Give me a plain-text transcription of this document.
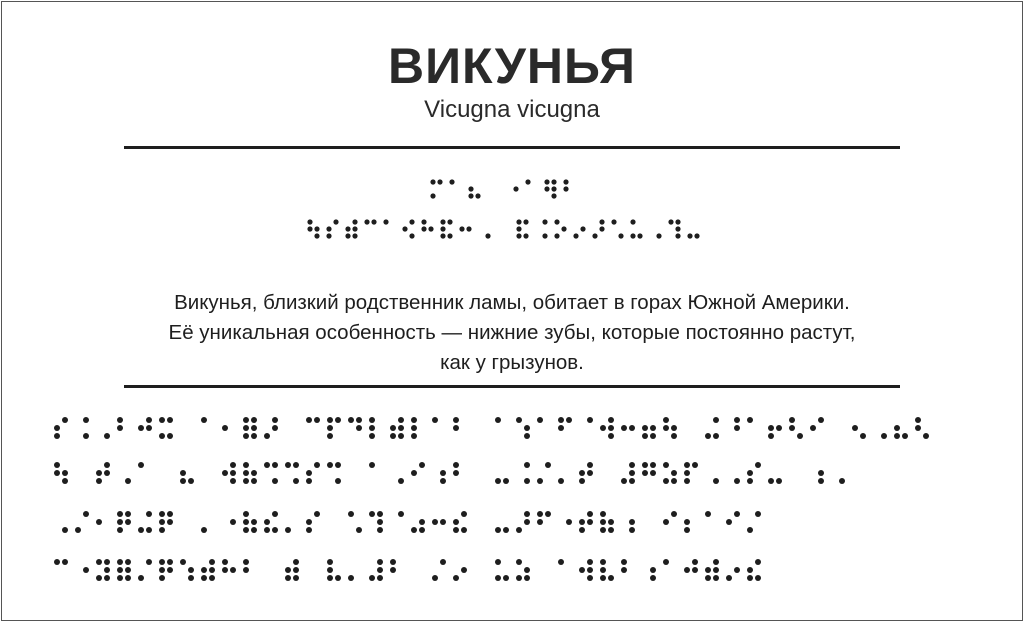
ВИКУНЬЯ
Vicugna vicugna
Викунья, близкий родственник ламы, обитает в горах Южной Америки.
Её уникальная особенность — нижние зубы, которые постоянно растут,
как у грызунов.
